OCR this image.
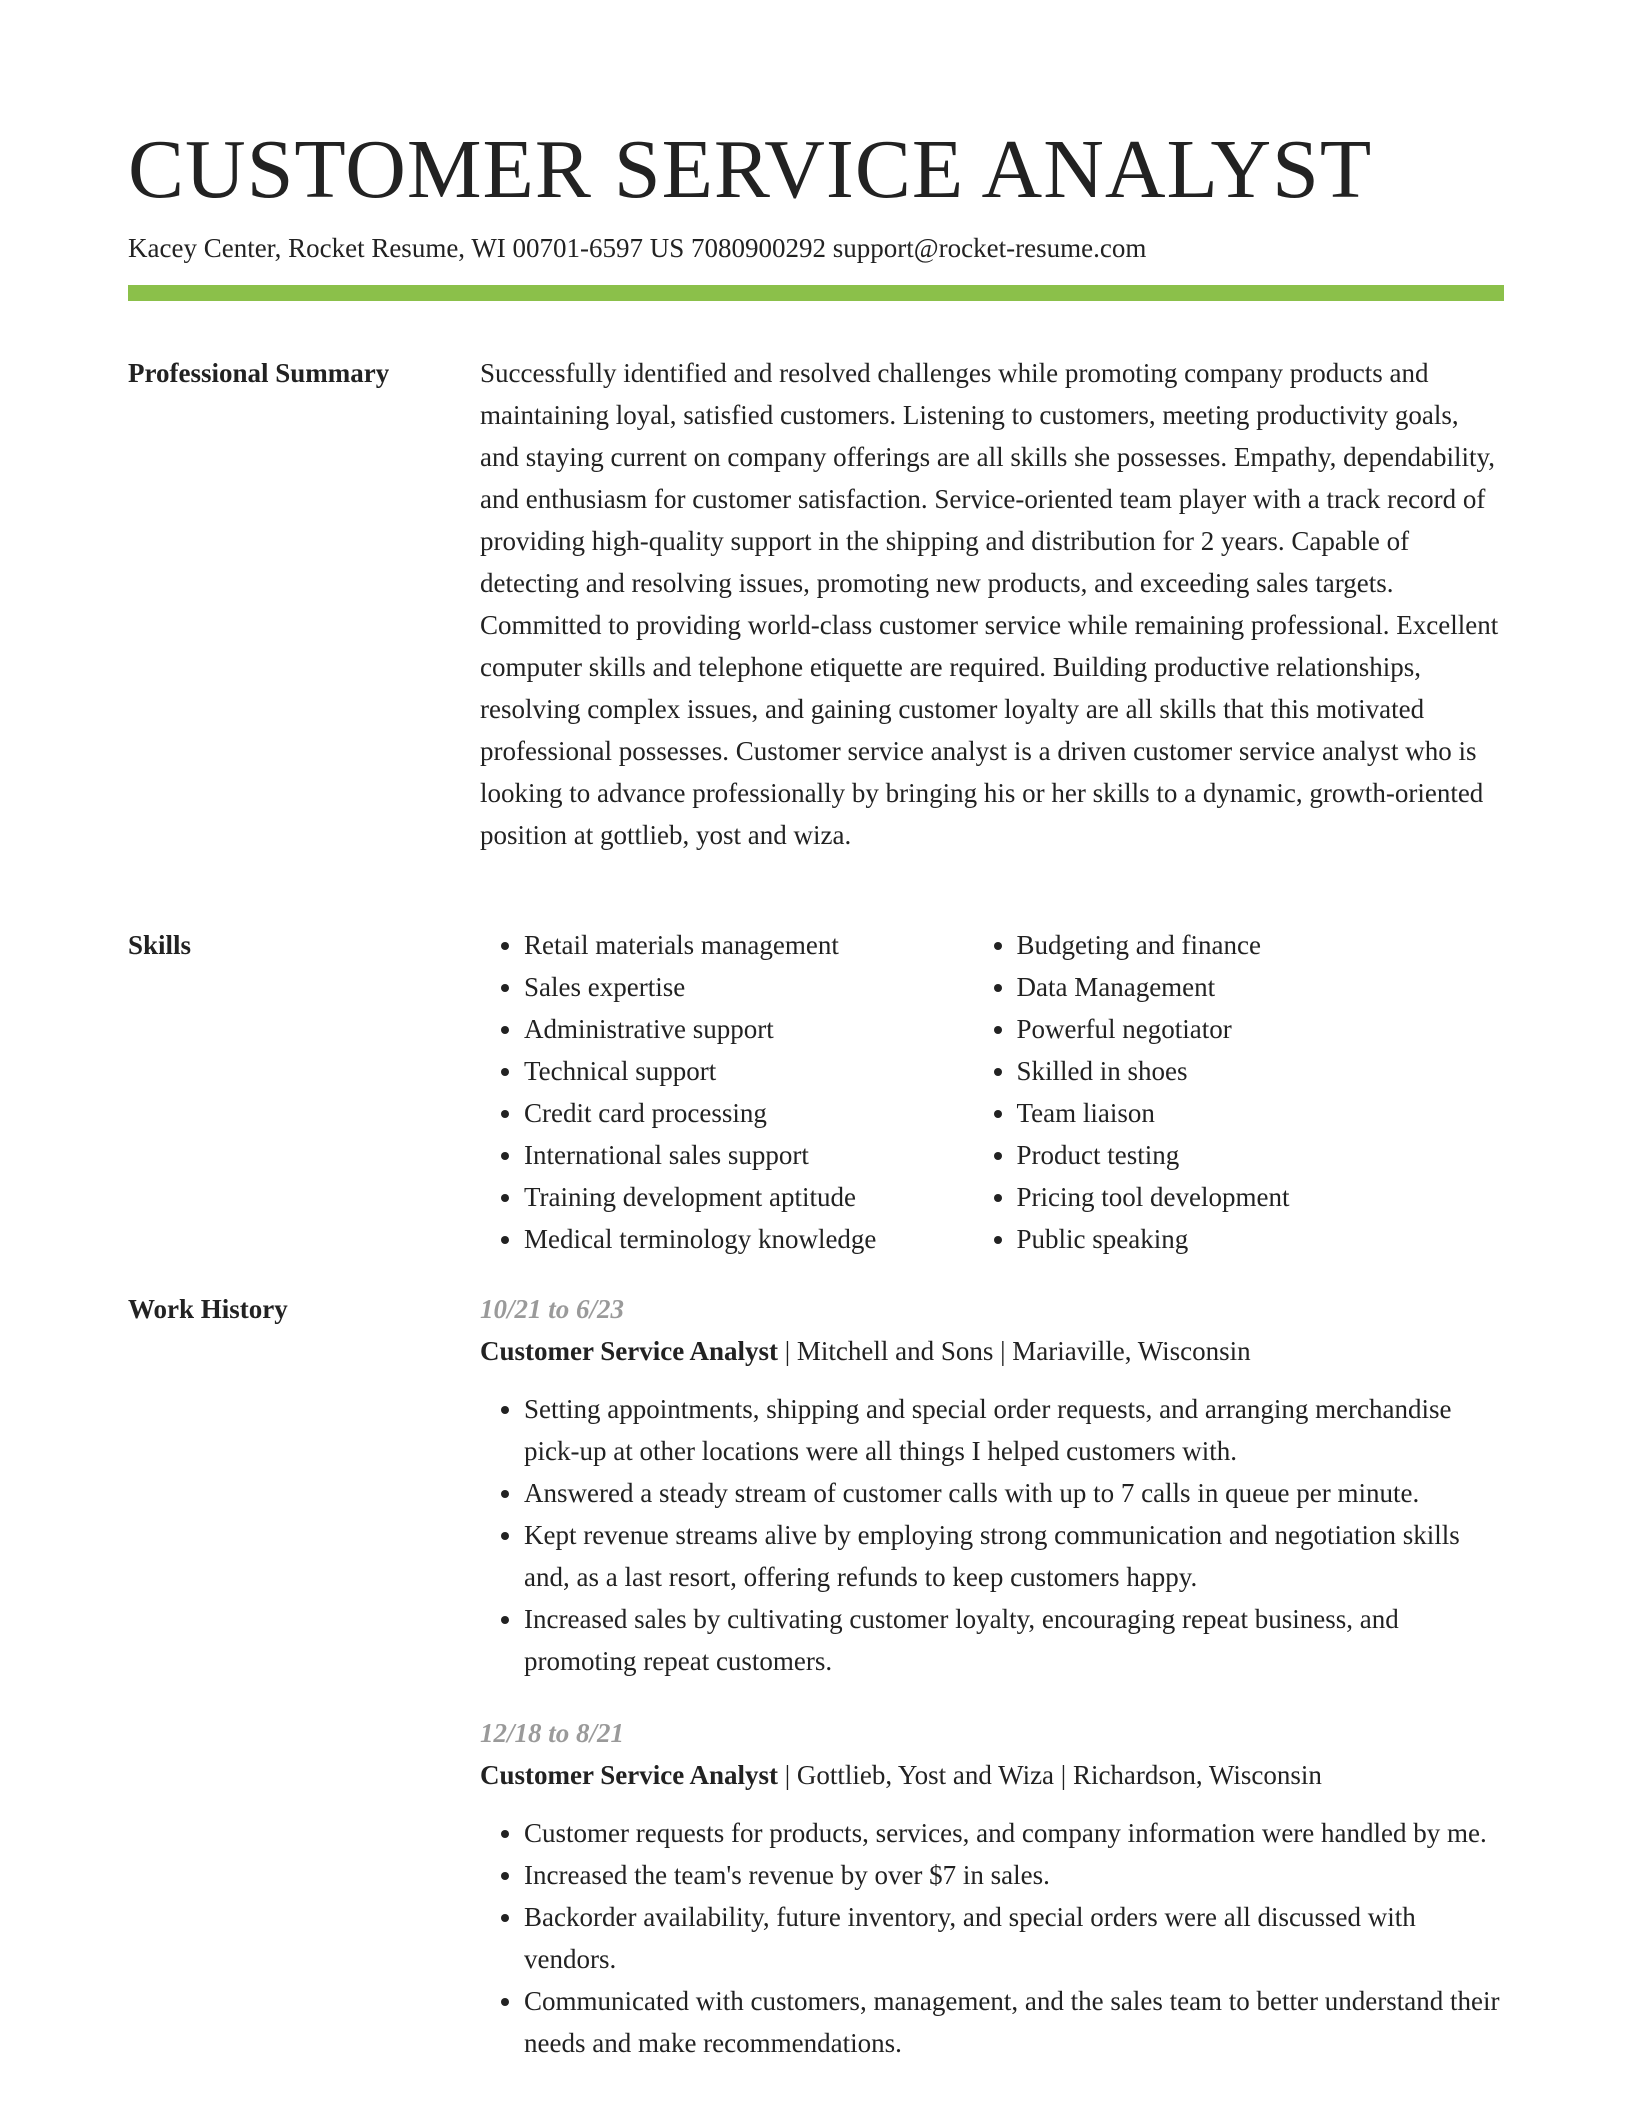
CUSTOMER SERVICE ANALYST
Kacey Center, Rocket Resume, WI 00701-6597 US 7080900292 support@rocket-resume.com
Professional Summary	Successfully identified and resolved challenges while promoting company products and maintaining loyal, satisfied customers. Listening to customers, meeting productivity goals, and staying current on company offerings are all skills she possesses. Empathy, dependability, and enthusiasm for customer satisfaction. Service-oriented team player with a track record of providing high-quality support in the shipping and distribution for 2 years. Capable of detecting and resolving issues, promoting new products, and exceeding sales targets. Committed to providing world-class customer service while remaining professional. Excellent computer skills and telephone etiquette are required. Building productive relationships, resolving complex issues, and gaining customer loyalty are all skills that this motivated professional possesses. Customer service analyst is a driven customer service analyst who is looking to advance professionally by bringing his or her skills to a dynamic, growth-oriented position at gottlieb, yost and wiza.

Skills
•	Retail materials management
• Sales expertise
• Administrative support
• Technical support
• Credit card processing
• International sales support
• Training development aptitude
• Medical terminology knowledge
• Budgeting and finance
• Data Management
• Powerful negotiator
• Skilled in shoes
• Team liaison
• Product testing
• Pricing tool development
• Public speaking
Work History	10/21 to 6/23
Customer Service Analyst | Mitchell and Sons | Mariaville, Wisconsin
• Setting appointments, shipping and special order requests, and arranging merchandise pick-up at other locations were all things I helped customers with.
• Answered a steady stream of customer calls with up to 7 calls in queue per minute.
• Kept revenue streams alive by employing strong communication and negotiation skills and, as a last resort, offering refunds to keep customers happy.
• Increased sales by cultivating customer loyalty, encouraging repeat business, and promoting repeat customers.
12/18 to 8/21
Customer Service Analyst | Gottlieb, Yost and Wiza | Richardson, Wisconsin
• Customer requests for products, services, and company information were handled by me.
• Increased the team's revenue by over $7 in sales.
• Backorder availability, future inventory, and special orders were all discussed with vendors.
• Communicated with customers, management, and the sales team to better understand their needs and make recommendations.
